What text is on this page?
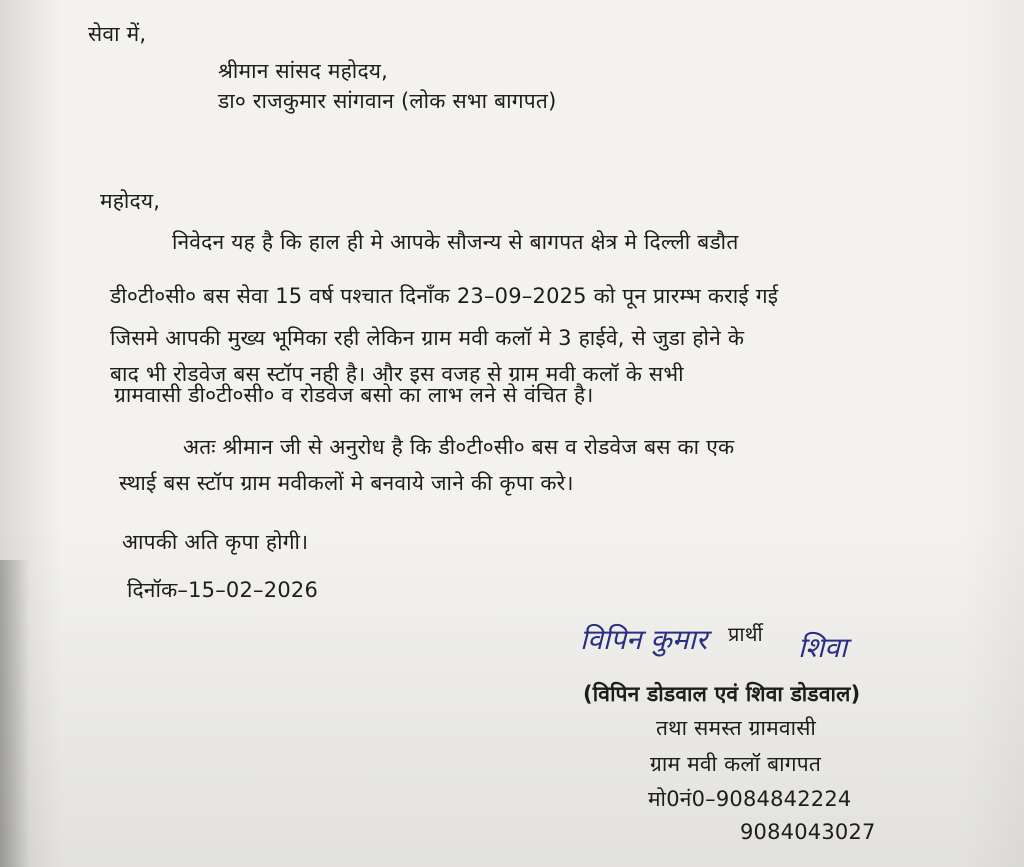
सेवा में,
श्रीमान सांसद महोदय,
डा० राजकुमार सांगवान (लोक सभा बागपत)
महोदय,
निवेदन यह है कि हाल ही मे आपके सौजन्य से बागपत क्षेत्र मे दिल्ली बडौत
डी०टी०सी० बस सेवा 15 वर्ष पश्चात दिनाँक 23–09–2025 को पून प्रारम्भ कराई गई
जिसमे आपकी मुख्य भूमिका रही लेकिन ग्राम मवी कलॉ मे 3 हाईवे, से जुडा होने के
बाद भी रोडवेज बस स्टॉप नही है। और इस वजह से ग्राम मवी कलॉ के सभी
ग्रामवासी डी०टी०सी० व रोडवेज बसो का लाभ लने से वंचित है।
अतः श्रीमान जी से अनुरोध है कि डी०टी०सी० बस व रोडवेज बस का एक
स्थाई बस स्टॉप ग्राम मवीकलों मे बनवाये जाने की कृपा करे।
आपकी अति कृपा होगी।
दिनॉक–15–02–2026
विपिन कुमार प्रार्थी शिवा
(विपिन डोडवाल एवं शिवा डोडवाल)
तथा समस्त ग्रामवासी
ग्राम मवी कलॉ बागपत
मो0नं0–9084842224
9084043027
